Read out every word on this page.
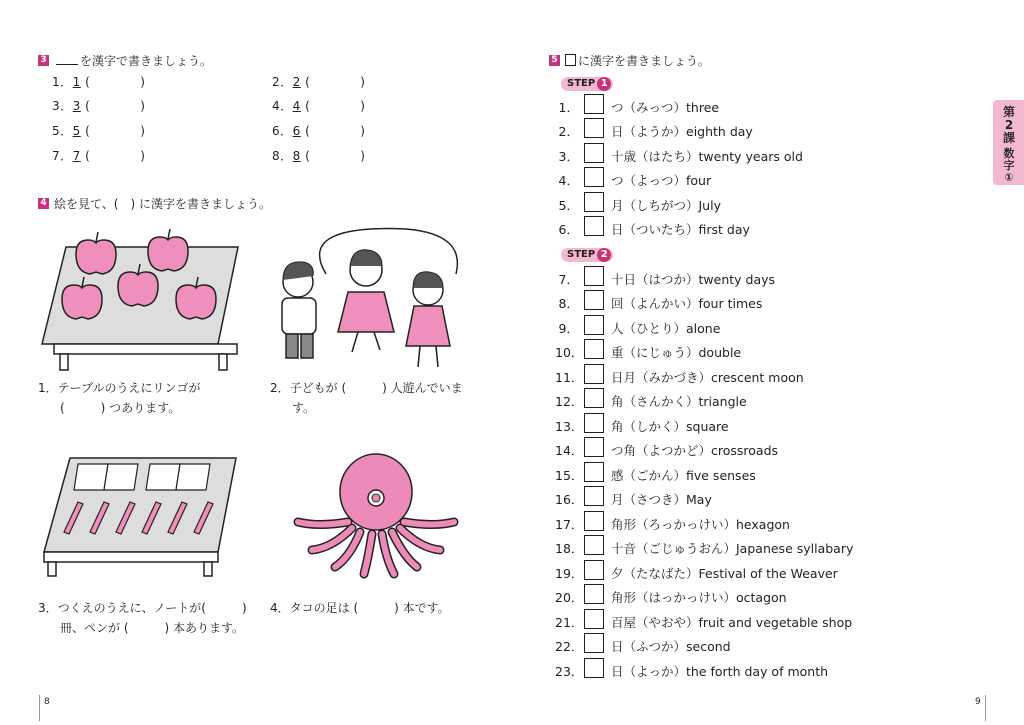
3	を漢字で書きましょう。
1．1 (　　　　)	2．2 (　　　　)
3．3 (　　　　)	4．4 (　　　　)
5．5 (　　　　)	6．6 (　　　　)
7．7 (　　　　)	8．8 (　　　　)
4 絵を見て、(　) に漢字を書きましょう。
1．テーブルのうえにリンゴが
(　　　) つあります。
2．子どもが (　　　) 人遊んでいま
す。
3．つくえのうえに、ノートが(　　　)
冊、ペンが (　　　) 本あります。
4．タコの足は (　　　) 本です。
8
5	に漢字を書きましょう。
STEP 1
STEP 2
1．	つ（みっつ）three
2．	日（ようか）eighth day
3．	十歳（はたち）twenty years old
4．	つ（よっつ）four
5．	月（しちがつ）July
6．	日（ついたち）first day
7．	十日（はつか）twenty days
8．	回（よんかい）four times
9．	人（ひとり）alone
10． 重（にじゅう）double
11． 日月（みかづき）crescent moon
12． 角（さんかく）triangle
13． 角（しかく）square
14． つ角（よつかど）crossroads
15． 感（ごかん）five senses
16． 月（さつき）May
17． 角形（ろっかっけい）hexagon
18． 十音（ごじゅうおん）Japanese syllabary
19． 夕（たなばた）Festival of the Weaver
20． 角形（はっかっけい）octagon
21． 百屋（やおや）fruit and vegetable shop
22． 日（ふつか）second
23． 日（よっか）the forth day of month
第2課
数字①
9
